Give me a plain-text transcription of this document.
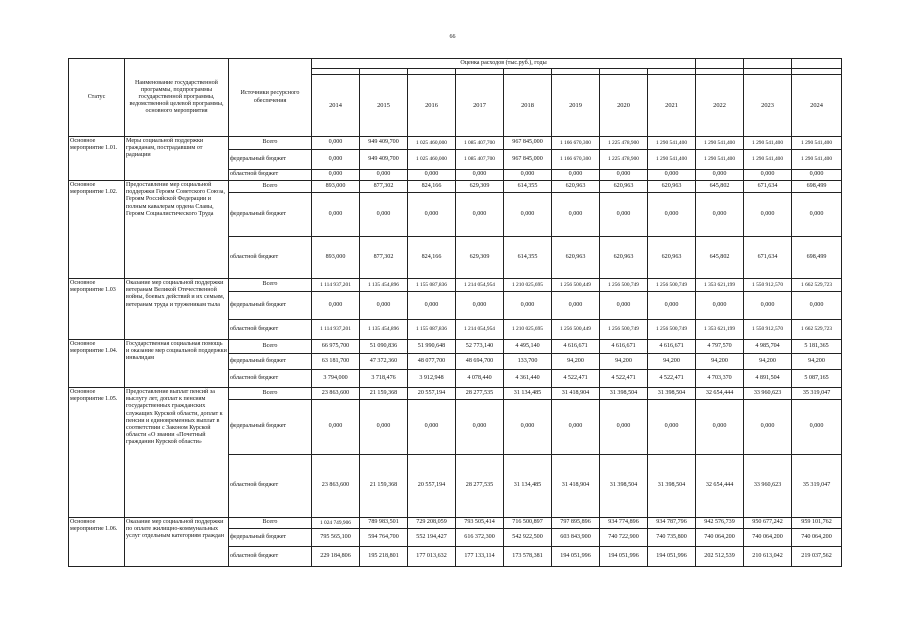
66
Статус	Наименование государственной программы, подпрограммы государственной программы, ведомственной целевой программы, основного мероприятия	Источники ресурсного обеспечения	Оценка расходов (тыс.руб.), годы										

			2014	2015	2016	2017	2018	2019	2020	2021	2022	2023	2024
Основное мероприятие 1.01.	Меры социальной поддержки гражданам, пострадавшим от радиации	Всего	0,000	949 409,700	1 025 460,000	1 085 407,700	967 845,000	1 166 670,300	1 225 478,900	1 290 541,400	1 290 541,400	1 290 541,400	1 290 541,400
		федеральный бюджет	0,000	949 409,700	1 025 460,000	1 085 407,700	967 845,000	1 166 670,300	1 225 478,900	1 290 541,400	1 290 541,400	1 290 541,400	1 290 541,400
		областной бюджет	0,000	0,000	0,000	0,000	0,000	0,000	0,000	0,000	0,000	0,000	0,000
Основное мероприятие 1.02.	Предоставление мер социальной поддержки Героям Советского Союза, Героям Российской Федерации и полным кавалерам ордена Славы, Героям Социалистического Труда	Всего	893,000	877,302	824,166	629,309	614,355	620,963	620,963	620,963	645,802	671,634	698,499
		федеральный бюджет	0,000	0,000	0,000	0,000	0,000	0,000	0,000	0,000	0,000	0,000	0,000
		областной бюджет	893,000	877,302	824,166	629,309	614,355	620,963	620,963	620,963	645,802	671,634	698,499
Основное мероприятие 1.03	Оказание мер социальной поддержки ветеранам Великой Отечественной войны, боевых действий и их семьям, ветеранам труда и труженикам тыла	Всего	1 114 937,201	1 135 454,896	1 155 087,836	1 214 054,954	1 210 025,695	1 256 500,449	1 256 500,749	1 256 500,749	1 353 621,199	1 550 912,570	1 662 529,723
		федеральный бюджет	0,000	0,000	0,000	0,000	0,000	0,000	0,000	0,000	0,000	0,000	0,000
		областной бюджет	1 114 937,201	1 135 454,896	1 155 087,836	1 214 054,954	1 210 025,695	1 256 500,449	1 256 500,749	1 256 500,749	1 353 621,199	1 550 912,570	1 662 529,723
Основное мероприятие 1.04.	Государственная социальная помощь и оказание мер социальной поддержки инвалидам	Всего	66 975,700	51 090,836	51 990,648	52 773,140	4 495,140	4 616,671	4 616,671	4 616,671	4 797,570	4 985,704	5 181,365
		федеральный бюджет	63 181,700	47 372,360	48 077,700	48 694,700	133,700	94,200	94,200	94,200	94,200	94,200	94,200
		областной бюджет	3 794,000	3 718,476	3 912,948	4 078,440	4 361,440	4 522,471	4 522,471	4 522,471	4 703,370	4 891,504	5 087,165
Основное мероприятие 1.05.	Предоставление выплат пенсий за выслугу лет, доплат к пенсиям государственных гражданских служащих Курской области, доплат к пенсии и единовременных выплат в соответствии с Законом Курской области «О звании «Почетный гражданин Курской области»	Всего	23 863,600	21 159,368	20 557,194	28 277,535	31 134,485	31 418,904	31 398,504	31 398,504	32 654,444	33 960,623	35 319,047
		федеральный бюджет	0,000	0,000	0,000	0,000	0,000	0,000	0,000	0,000	0,000	0,000	0,000
		областной бюджет	23 863,600	21 159,368	20 557,194	28 277,535	31 134,485	31 418,904	31 398,504	31 398,504	32 654,444	33 960,623	35 319,047
Основное мероприятие 1.06.	Оказание мер социальной поддержки по оплате жилищно-коммунальных услуг отдельным категориям граждан	Всего	1 024 749,906	789 983,501	729 208,059	793 505,414	716 500,897	797 895,896	934 774,896	934 787,796	942 576,739	950 677,242	959 101,762
		федеральный бюджет	795 565,100	594 764,700	552 194,427	616 372,300	542 922,500	603 843,900	740 722,900	740 735,800	740 064,200	740 064,200	740 064,200
		областной бюджет	229 184,806	195 218,801	177 013,632	177 133,114	173 578,381	194 051,996	194 051,996	194 051,996	202 512,539	210 613,042	219 037,562
